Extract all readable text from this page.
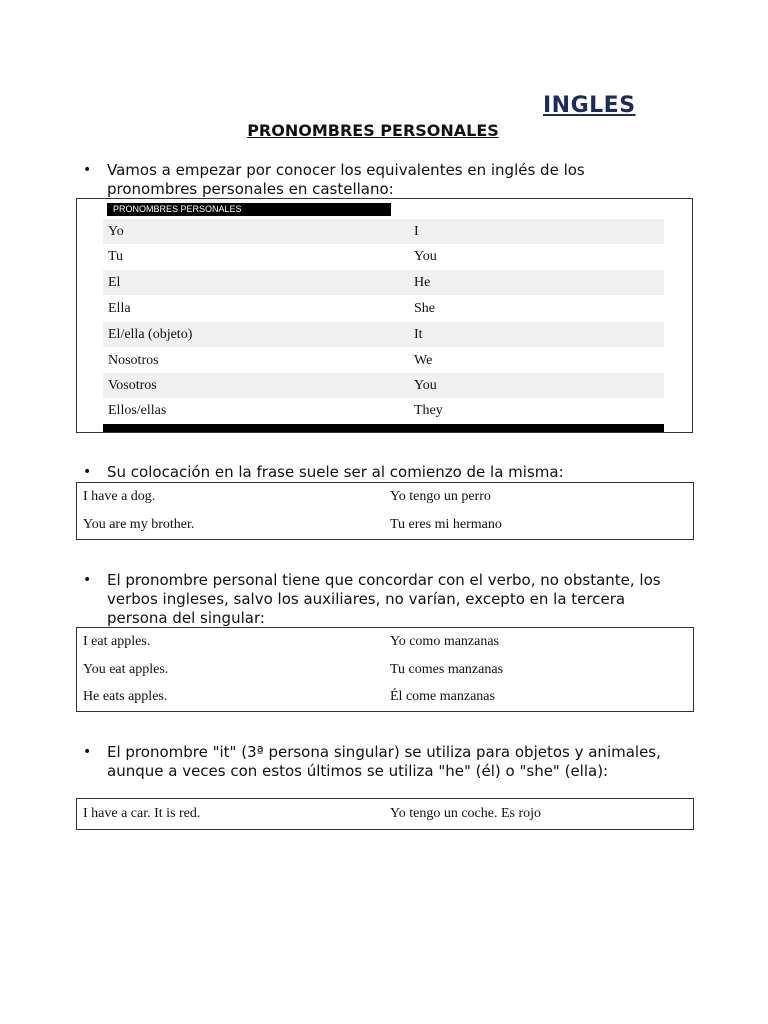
INGLES
PRONOMBRES PERSONALES
• Vamos a empezar por conocer los equivalentes en inglés de los pronombres personales en castellano:
PRONOMBRES PERSONALES
Yo	I
Tu	You
El	He
Ella	She
El/ella (objeto)	It
Nosotros	We
Vosotros	You
Ellos/ellas	They
• Su colocación en la frase suele ser al comienzo de la misma:
I have a dog.	Yo tengo un perro
You are my brother.	Tu eres mi hermano
• El pronombre personal tiene que concordar con el verbo, no obstante, los verbos ingleses, salvo los auxiliares, no varían, excepto en la tercera persona del singular:
I eat apples.	Yo como manzanas
You eat apples.	Tu comes manzanas
He eats apples.	Él come manzanas
• El pronombre "it" (3ª persona singular) se utiliza para objetos y animales, aunque a veces con estos últimos se utiliza "he" (él) o "she" (ella):
I have a car. It is red.	Yo tengo un coche. Es rojo
